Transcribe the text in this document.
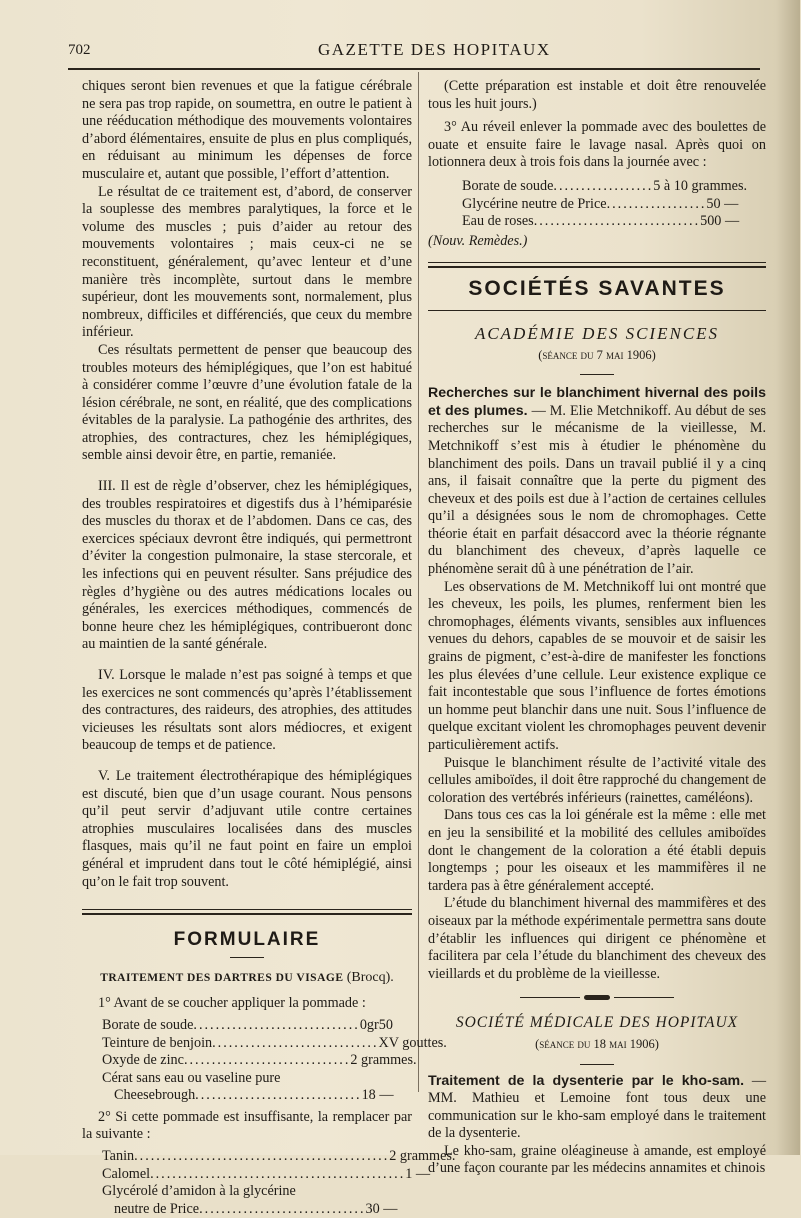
702	GAZETTE DES HOPITAUX

chiques seront bien revenues et que la fatigue cérébrale ne sera pas trop rapide, on soumettra, en outre le patient à une rééducation méthodique des mouvements volontaires d’abord élémentaires, ensuite de plus en plus compliqués, en réduisant au minimum les dépenses de force musculaire et, autant que possible, l’effort d’attention.

Le résultat de ce traitement est, d’abord, de conserver la souplesse des membres paralytiques, la force et le volume des muscles ; puis d’aider au retour des mouvements volontaires ; mais ceux-ci ne se reconstituent, généralement, qu’avec lenteur et d’une manière très incomplète, surtout dans le membre supérieur, dont les mouvements sont, normalement, plus nombreux, difficiles et différenciés, que ceux du membre inférieur.

Ces résultats permettent de penser que beaucoup des troubles moteurs des hémiplégiques, que l’on est habitué à considérer comme l’œuvre d’une évolution fatale de la lésion cérébrale, ne sont, en réalité, que des complications évitables de la paralysie. La pathogénie des arthrites, des atrophies, des contractures, chez les hémiplégiques, semble ainsi devoir être, en partie, remaniée.

III. Il est de règle d’observer, chez les hémiplégiques, des troubles respiratoires et digestifs dus à l’hémiparésie des muscles du thorax et de l’abdomen. Dans ce cas, des exercices spéciaux devront être indiqués, qui permettront d’éviter la congestion pulmonaire, la stase stercorale, et les infections qui en peuvent résulter. Sans préjudice des règles d’hygiène ou des autres médications locales ou générales, les exercices méthodiques, commencés de bonne heure chez les hémiplégiques, contribueront donc au maintien de la santé générale.

IV. Lorsque le malade n’est pas soigné à temps et que les exercices ne sont commencés qu’après l’établissement des contractures, des raideurs, des atrophies, des attitudes vicieuses les résultats sont alors médiocres, et exigent beaucoup de temps et de patience.

V. Le traitement électrothérapique des hémiplégiques est discuté, bien que d’un usage courant. Nous pensons qu’il peut servir d’adjuvant utile contre certaines atrophies musculaires localisées dans des muscles flasques, mais qu’il ne faut point en faire un emploi général et imprudent dans tout le côté hémiplégié, ainsi qu’on le fait trop souvent.

FORMULAIRE
TRAITEMENT DES DARTRES DU VISAGE (Brocq).

1° Avant de se coucher appliquer la pommade :

Borate de soude .............................. 0gr50
Teinture de benjoin .............................. XV gouttes.
Oxyde de zinc .............................. 2 grammes.
Cérat sans eau ou vaseline pure
Cheesebrough .............................. 18 —

2° Si cette pommade est insuffisante, la remplacer par la suivante :

Tanin .............................................. 2 grammes.
Calomel .............................................. 1 —
Glycérolé d’amidon à la glycérine
neutre de Price .............................. 30 —

(Cette préparation est instable et doit être renouvelée tous les huit jours.)

3° Au réveil enlever la pommade avec des boulettes de ouate et ensuite faire le lavage nasal. Après quoi on lotionnera deux à trois fois dans la journée avec :

Borate de soude .................. 5 à 10 grammes.
Glycérine neutre de Price .................. 50 —
Eau de roses .............................. 500 —

(Nouv. Remèdes.)

SOCIÉTÉS SAVANTES
ACADÉMIE DES SCIENCES
(séance du 7 mai 1906)

Recherches sur le blanchiment hivernal des poils et des plumes. — M. Elie Metchnikoff. Au début de ses recherches sur le mécanisme de la vieillesse, M. Metchnikoff s’est mis à étudier le phénomène du blanchiment des poils. Dans un travail publié il y a cinq ans, il faisait connaître que la perte du pigment des cheveux et des poils est due à l’action de certaines cellules qu’il a désignées sous le nom de chromophages. Cette théorie était en parfait désaccord avec la théorie régnante du blanchiment des cheveux, d’après laquelle ce phénomène serait dû à une pénétration de l’air.

Les observations de M. Metchnikoff lui ont montré que les cheveux, les poils, les plumes, renferment bien les chromophages, éléments vivants, sensibles aux influences venues du dehors, capables de se mouvoir et de saisir les grains de pigment, c’est-à-dire de manifester les fonctions les plus élevées d’une cellule. Leur existence explique ce fait incontestable que sous l’influence de fortes émotions un homme peut blanchir dans une nuit. Sous l’influence de quelque excitant violent les chromophages peuvent devenir particulièrement actifs.

Puisque le blanchiment résulte de l’activité vitale des cellules amiboïdes, il doit être rapproché du changement de coloration des vertébrés inférieurs (rainettes, caméléons).

Dans tous ces cas la loi générale est la même : elle met en jeu la sensibilité et la mobilité des cellules amiboïdes dont le changement de la coloration a été établi depuis longtemps ; pour les oiseaux et les mammifères il ne tardera pas à être généralement accepté.

L’étude du blanchiment hivernal des mammifères et des oiseaux par la méthode expérimentale permettra sans doute d’établir les influences qui dirigent ce phénomène et facilitera par cela l’étude du blanchiment des cheveux des vieillards et du problème de la vieillesse.

SOCIÉTÉ MÉDICALE DES HOPITAUX
(séance du 18 mai 1906)

Traitement de la dysenterie par le kho-sam. — MM. Mathieu et Lemoine font tous deux une communication sur le kho-sam employé dans le traitement de la dysenterie.

Le kho-sam, graine oléagineuse à amande, est employé d’une façon courante par les médecins annamites et chinois
